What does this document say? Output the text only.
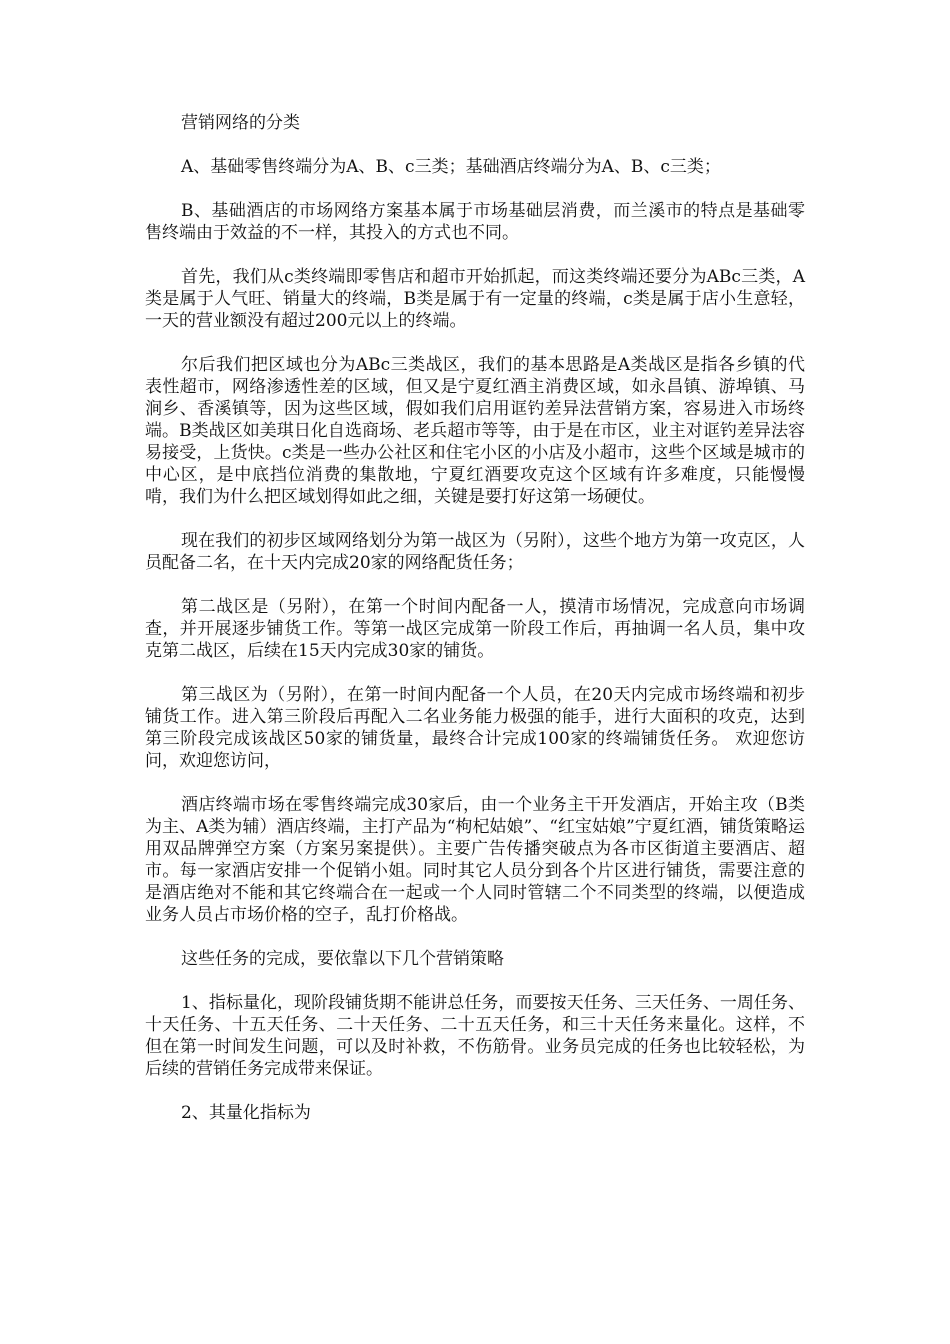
营销网络的分类

A、基础零售终端分为A、B、c三类；基础酒店终端分为A、B、c三类；

B、基础酒店的市场网络方案基本属于市场基础层消费，而兰溪市的特点是基础零售终端由于效益的不一样，其投入的方式也不同。

首先，我们从c类终端即零售店和超市开始抓起，而这类终端还要分为ABc三类，A类是属于人气旺、销量大的终端，B类是属于有一定量的终端，c类是属于店小生意轻，一天的营业额没有超过200元以上的终端。

尔后我们把区域也分为ABc三类战区，我们的基本思路是A类战区是指各乡镇的代表性超市，网络渗透性差的区域，但又是宁夏红酒主消费区域，如永昌镇、游埠镇、马涧乡、香溪镇等，因为这些区域，假如我们启用诓钓差异法营销方案，容易进入市场终端。B类战区如美琪日化自选商场、老兵超市等等，由于是在市区，业主对诓钓差异法容易接受，上货快。c类是一些办公社区和住宅小区的小店及小超市，这些个区域是城市的中心区，是中底挡位消费的集散地，宁夏红酒要攻克这个区域有许多难度，只能慢慢啃，我们为什么把区域划得如此之细，关键是要打好这第一场硬仗。

现在我们的初步区域网络划分为第一战区为（另附），这些个地方为第一攻克区，人员配备二名，在十天内完成20家的网络配货任务；

第二战区是（另附），在第一个时间内配备一人，摸清市场情况，完成意向市场调查，并开展逐步铺货工作。等第一战区完成第一阶段工作后，再抽调一名人员，集中攻克第二战区，后续在15天内完成30家的铺货。

第三战区为（另附），在第一时间内配备一个人员，在20天内完成市场终端和初步铺货工作。进入第三阶段后再配入二名业务能力极强的能手，进行大面积的攻克，达到第三阶段完成该战区50家的铺货量，最终合计完成100家的终端铺货任务。 欢迎您访问，欢迎您访问，

酒店终端市场在零售终端完成30家后，由一个业务主干开发酒店，开始主攻（B类为主、A类为辅）酒店终端，主打产品为“枸杞姑娘”、“红宝姑娘”宁夏红酒，铺货策略运用双品牌弹空方案（方案另案提供）。主要广告传播突破点为各市区街道主要酒店、超市。每一家酒店安排一个促销小姐。同时其它人员分到各个片区进行铺货，需要注意的是酒店绝对不能和其它终端合在一起或一个人同时管辖二个不同类型的终端，以便造成业务人员占市场价格的空子，乱打价格战。

这些任务的完成，要依靠以下几个营销策略

1、指标量化，现阶段铺货期不能讲总任务，而要按天任务、三天任务、一周任务、十天任务、十五天任务、二十天任务、二十五天任务，和三十天任务来量化。这样，不但在第一时间发生问题，可以及时补救，不伤筋骨。业务员完成的任务也比较轻松，为后续的营销任务完成带来保证。

2、其量化指标为
